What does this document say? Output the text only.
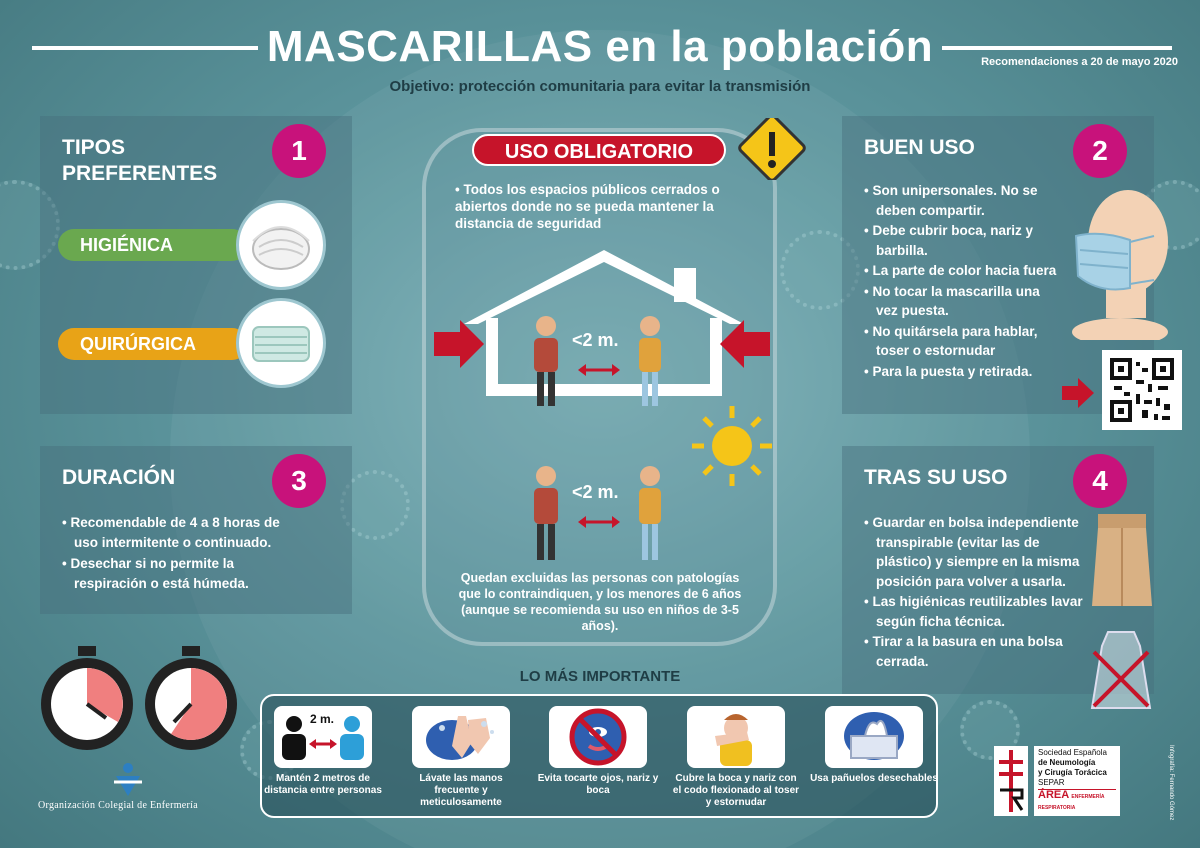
MASCARILLAS en la población	Recomendaciones a 20 de mayo 2020
Objetivo: protección comunitaria para evitar la transmisión
TIPOS PREFERENTES
1
HIGIÉNICA
QUIRÚRGICA
DURACIÓN	3
• Recomendable de 4 a 8 horas de uso intermitente o continuado.
• Desechar si no permite la respiración o está húmeda.
USO OBLIGATORIO
• Todos los espacios públicos cerrados o abiertos donde no se pueda mantener la distancia de seguridad
<2 m.
<2 m.
Quedan excluidas las personas con patologías que lo contraindiquen, y los menores de 6 años (aunque se recomienda su uso en niños de 3-5 años).
BUEN USO	2
• Son unipersonales. No se deben compartir.
• Debe cubrir boca, nariz y barbilla.
• La parte de color hacia fuera
• No tocar la mascarilla una vez puesta.
• No quitársela para hablar, toser o estornudar
• Para la puesta y retirada.
TRAS SU USO	4
• Guardar en bolsa independiente transpirable (evitar las de plástico) y siempre en la misma posición para volver a usarla.
• Las higiénicas reutilizables lavar según ficha técnica.
• Tirar a la basura en una bolsa cerrada.
LO MÁS IMPORTANTE
2 m.
Mantén 2 metros de distancia entre personas
Lávate las manos frecuente y meticulosamente
Evita tocarte ojos, nariz y boca
Cubre la boca y nariz con el codo flexionado al toser y estornudar
Usa pañuelos desechables
Organización Colegial de Enfermería
Sociedad Española
de Neumología
y Cirugía Torácica
SEPAR
ÁREA ENFERMERÍA RESPIRATORIA	Infografía: Fernando Gómez
